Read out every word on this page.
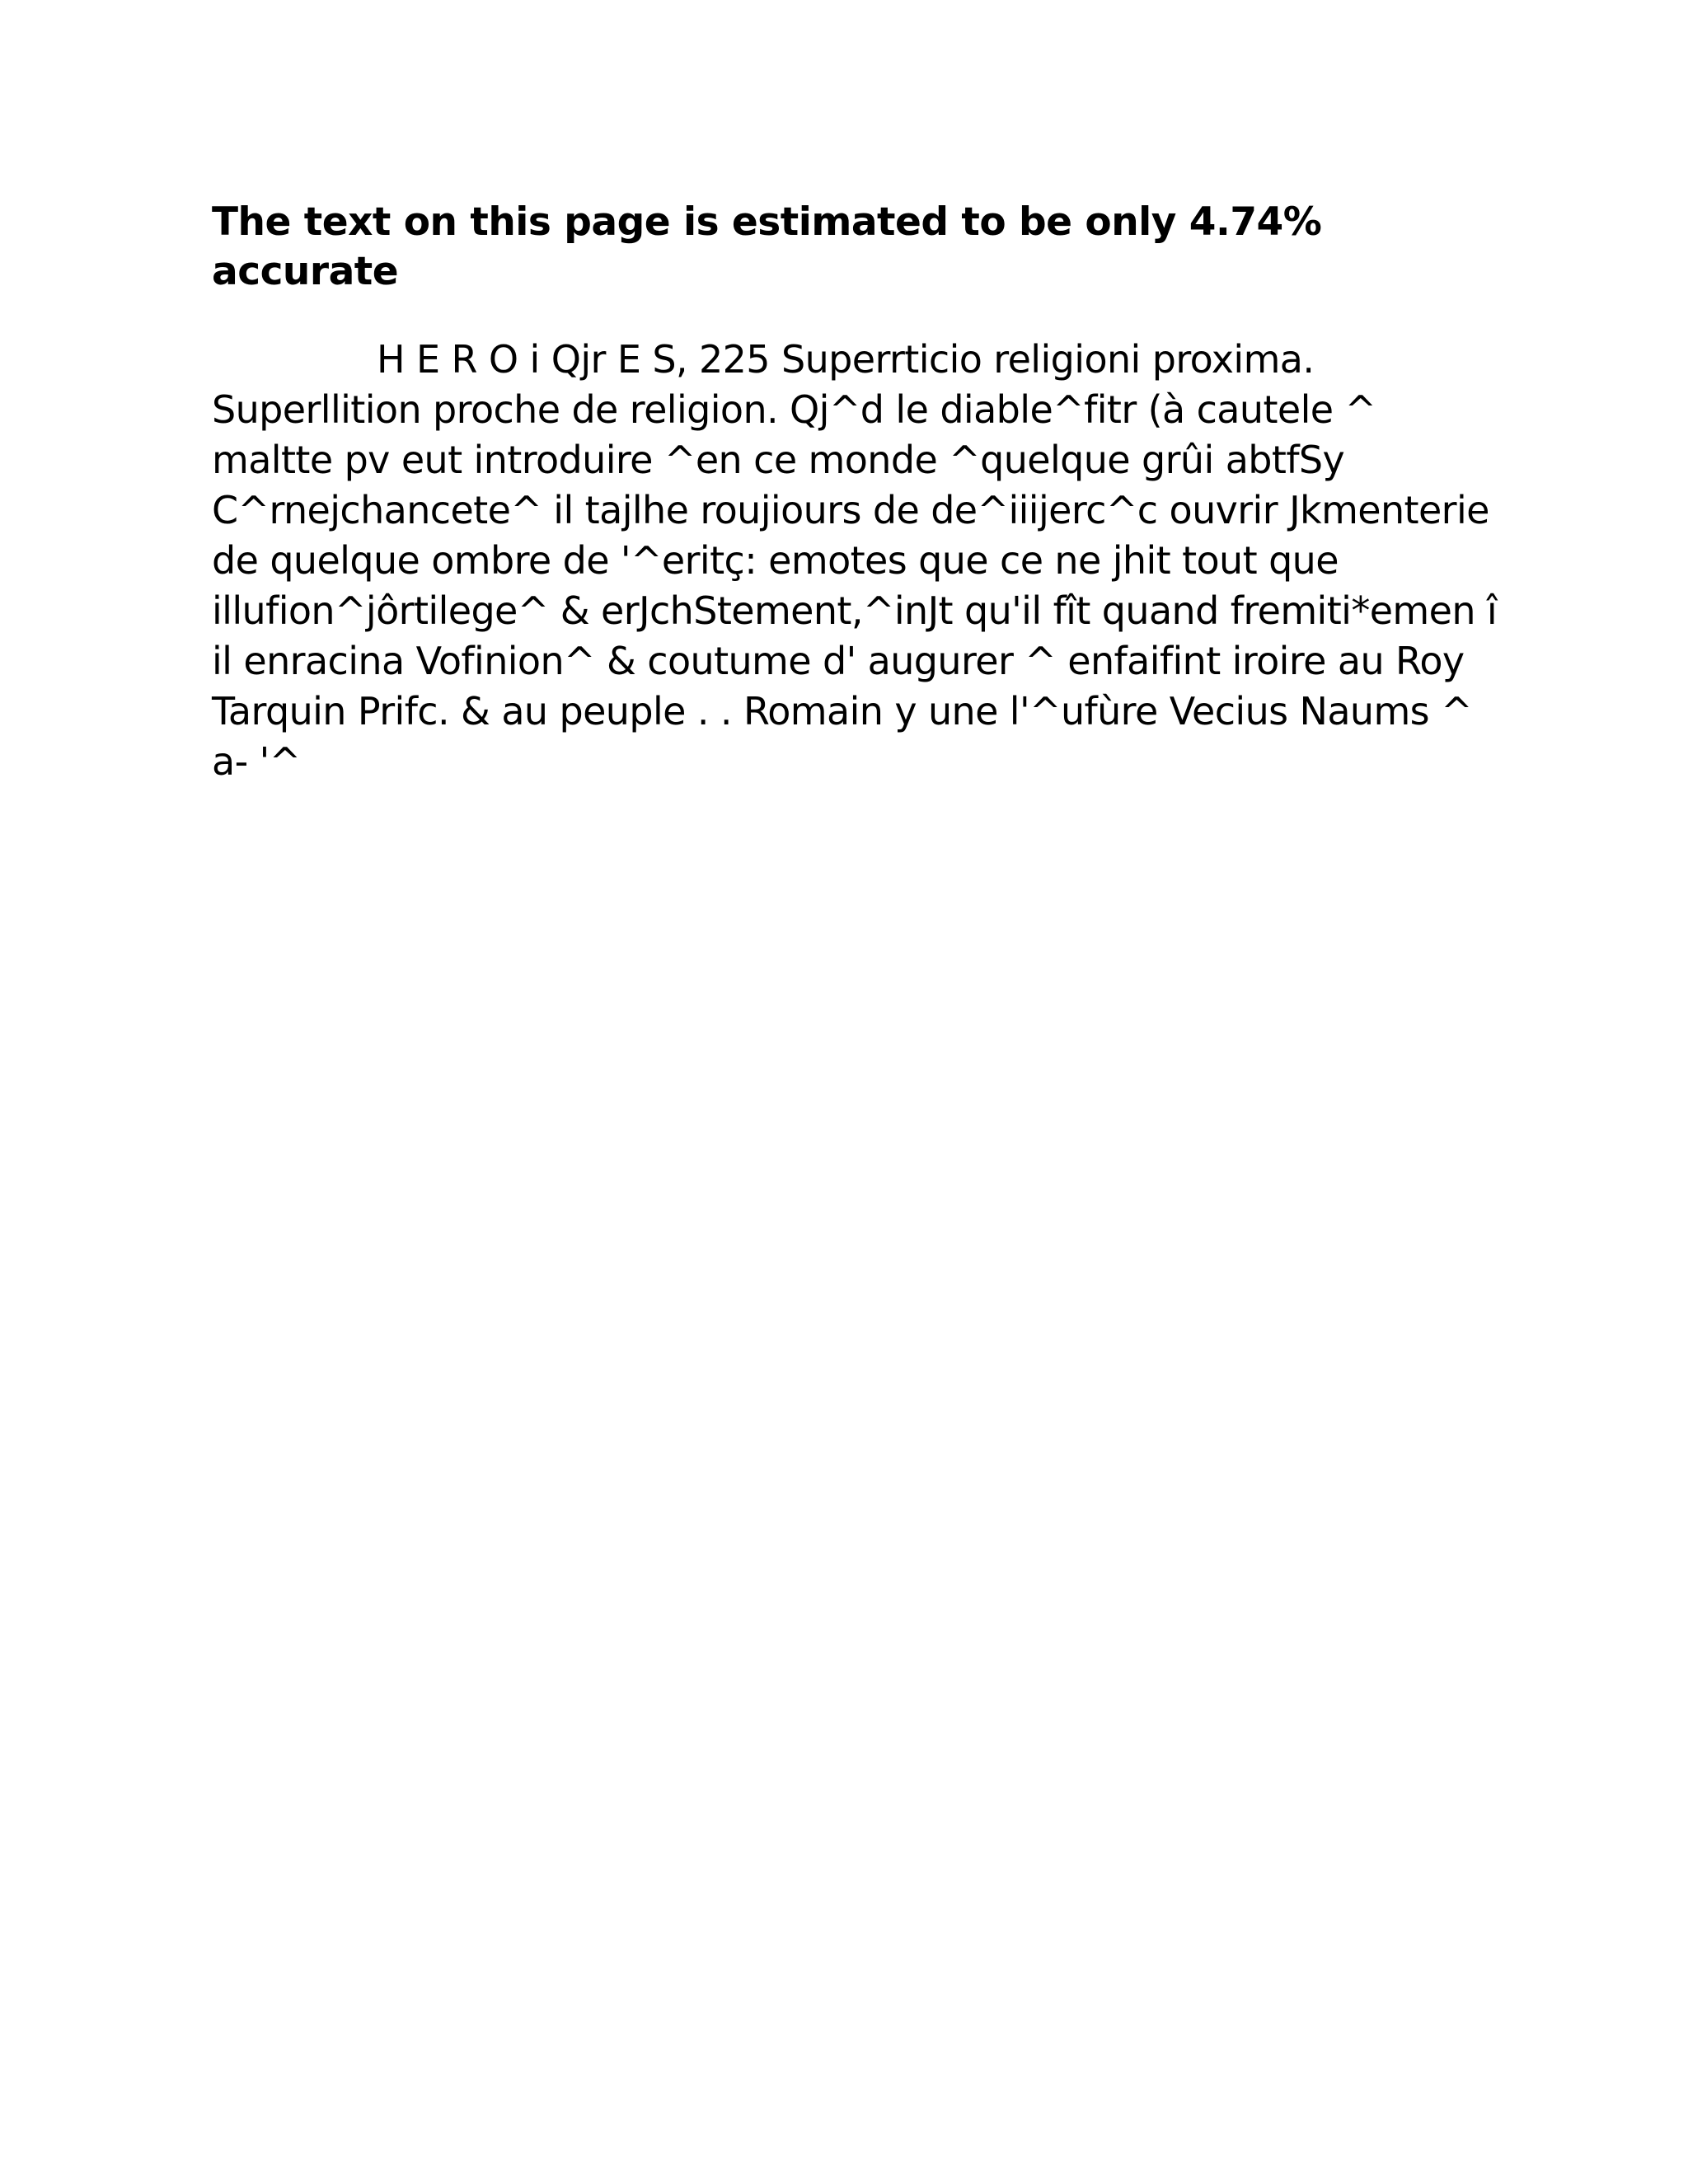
The text on this page is estimated to be only 4.74% accurate

H E R O i Qjr E S, 225 Superrticio religioni proxima. Superllition proche de religion. Qj^d le diable^fitr (à cautele ^ maltte pv eut introduire ^en ce monde ^quelque grûi abtfSy C^rnejchancete^ il tajlhe roujiours de de^iiijerc^c ouvrir Jkmenterie de quelque ombre de '^eritç: emotes que ce ne jhit tout que illufion^jôrtilege^ & erJchStement,^inJt qu'il fît quand fremiti*emen î il enracina Vofinion^ & coutume d' augurer ^ enfaifint iroire au Roy Tarquin Prifc. & au peuple . . Romain y une l'^ufùre Vecius Naums ^ a- '^
